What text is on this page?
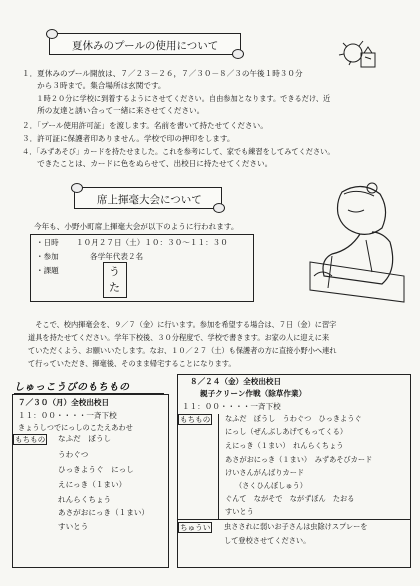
夏休みのプールの使用について
１．夏休みのプール開放は、７／２３－２６，７／３０－８／３の午後１時３０分
　　から３時まで。集合場所は玄関です。
　　１時２０分に学校に到着するようにさせてください。自由参加となります。できるだけ、近
　　所の友達と誘い合って一緒に来させてください。
２．「プール使用許可証」を渡します。名前を書いて持たせてください。
３．許可証に保護者印ありません。学校で印の押印をします。
４．「みずあそび」カードを持たせました。これを参考にして、家でも練習をしてみてください。
　　できたことは、カードに色をぬらせて、出校日に持たせてください。
席上揮毫大会について
今年も、小野小町席上揮毫大会が以下のように行われます。
・日時 １０月２７日（土）１０：３０～１１：３０
・参加	各学年代表２名
・課題	う
た
　そこで、校内揮毫会を、９／７（金）に行います。参加を希望する場合は、７日（金）に習字
道具を持たせてください。学年下校後、３０分程度で、学校で書きます。お家の人に迎えに来
ていただくよう、お願いいたします。なお、１０／２７（土）も保護者の方に直接小野小へ連れ
て行っていただき、揮毫後、そのまま帰宅することになります。
しゅっこうびのもちもの
７／３０（月）全校出校日
１１：００・・・・一斉下校
きょうしつでにっしのこたえあわせ
もちもの なふだ　ぼうし
うわぐつ
ひっきようぐ　にっし
えにっき（１まい）
れんらくちょう
あさがおにっき（１まい）
すいとう
８／２４（金）全校出校日
親子クリーン作戦（除草作業）
１１：００・・・・一斉下校
もちもの なふだ　ぼうし　うわぐつ　ひっきようぐ
にっし（ぜんぶしあげてもってくる）
えにっき（１まい）　れんらくちょう
あさがおにっき（１まい）　みずあそびカード
けいさんがんばりカード
（さくひんぼしゅう）
ぐんて　ながそで　ながずぼん　たおる
すいとう
ちゅうい 虫さされに弱いお子さんは虫除けスプレーを
して登校させてください。
